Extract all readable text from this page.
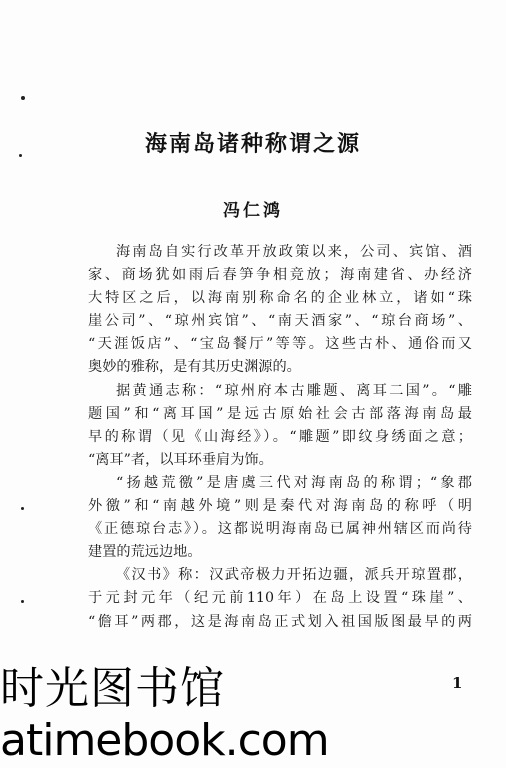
海南岛诸种称谓之源
冯仁鸿
海南岛自实行改革开放政策以来，公司、宾馆、酒
家、商场犹如雨后春笋争相竞放；海南建省、办经济
大特区之后，以海南别称命名的企业林立，诸如“珠
崖公司”、“琼州宾馆”、“南天酒家”、“琼台商场”、
“天涯饭店”、“宝岛餐厅”等等。这些古朴、通俗而又
奥妙的雅称，是有其历史渊源的。
据黄通志称：“琼州府本古雕题、离耳二国”。“雕
题国”和“离耳国”是远古原始社会古部落海南岛最
早的称谓（见《山海经》）。“雕题”即纹身绣面之意；
“离耳”者，以耳环垂肩为饰。
“扬越荒徼”是唐虞三代对海南岛的称谓；“象郡
外徼”和“南越外境”则是秦代对海南岛的称呼（明
《正德琼台志》）。这都说明海南岛已属神州辖区而尚待
建置的荒远边地。
《汉书》称：汉武帝极力开拓边疆，派兵开琼置郡，
于元封元年（纪元前110年）在岛上设置“珠崖”、
“儋耳”两郡，这是海南岛正式划入祖国版图最早的两
1
时光图书馆
atimebook.com
